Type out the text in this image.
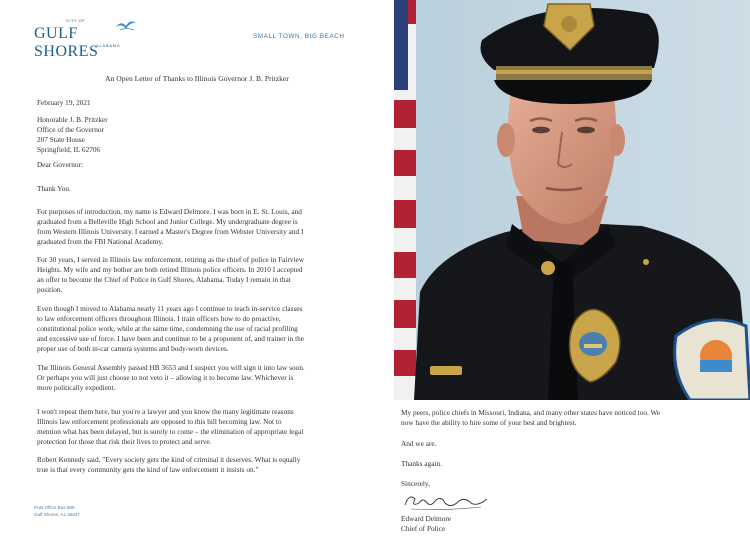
CITY OF
GULF SHORES
ALABAMA
SMALL TOWN, BIG BEACH
An Open Letter of Thanks to Illinois Governor J. B. Pritzker
February 19, 2021
Honorable J. B. Pritzker
Office of the Governor
207 State House
Springfield, IL 62706
Dear Governor:
Thank You.
For purposes of introduction, my name is Edward Delmore. I was born in E. St. Louis, and
graduated from a Belleville High School and Junior College. My undergraduate degree is
from Western Illinois University. I earned a Master's Degree from Webster University and I
graduated from the FBI National Academy.
For 30 years, I served in Illinois law enforcement, retiring as the chief of police in Fairview
Heights. My wife and my bother are both retired Illinois police officers. In 2010 I accepted
an offer to become the Chief of Police in Gulf Shores, Alabama. Today I remain in that
position.
Even though I moved to Alabama nearly 11 years ago I continue to teach in-service classes
to law enforcement officers throughout Illinois. I train officers how to do proactive,
constitutional police work, while at the same time, condemning the use of racial profiling
and excessive use of force. I have been and continue to be a proponent of, and trainer in the
proper use of both in-car camera systems and body-worn devices.
The Illinois General Assembly passed HB 3653 and I suspect you will sign it into law soon.
Or perhaps you will just choose to not veto it – allowing it to become law. Whichever is
more politically expedient.
I won't repeat them here, but you're a lawyer and you know the many legitimate reasons
Illinois law enforcement professionals are opposed to this bill becoming law. Not to
mention what has been delayed, but is surely to come – the elimination of appropriate legal
protection for those that risk their lives to protect and serve.
Robert Kennedy said, "Every society gets the kind of criminal it deserves. What is equally
true is that every community gets the kind of law enforcement it insists on."
Post Office Box 896
Gulf Shores, AL 36547
My peers, police chiefs in Missouri, Indiana, and many other states have noticed too. We
now have the ability to hire some of your best and brightest.
And we are.
Thanks again.
Sincerely,
Edward Delmore
Chief of Police
